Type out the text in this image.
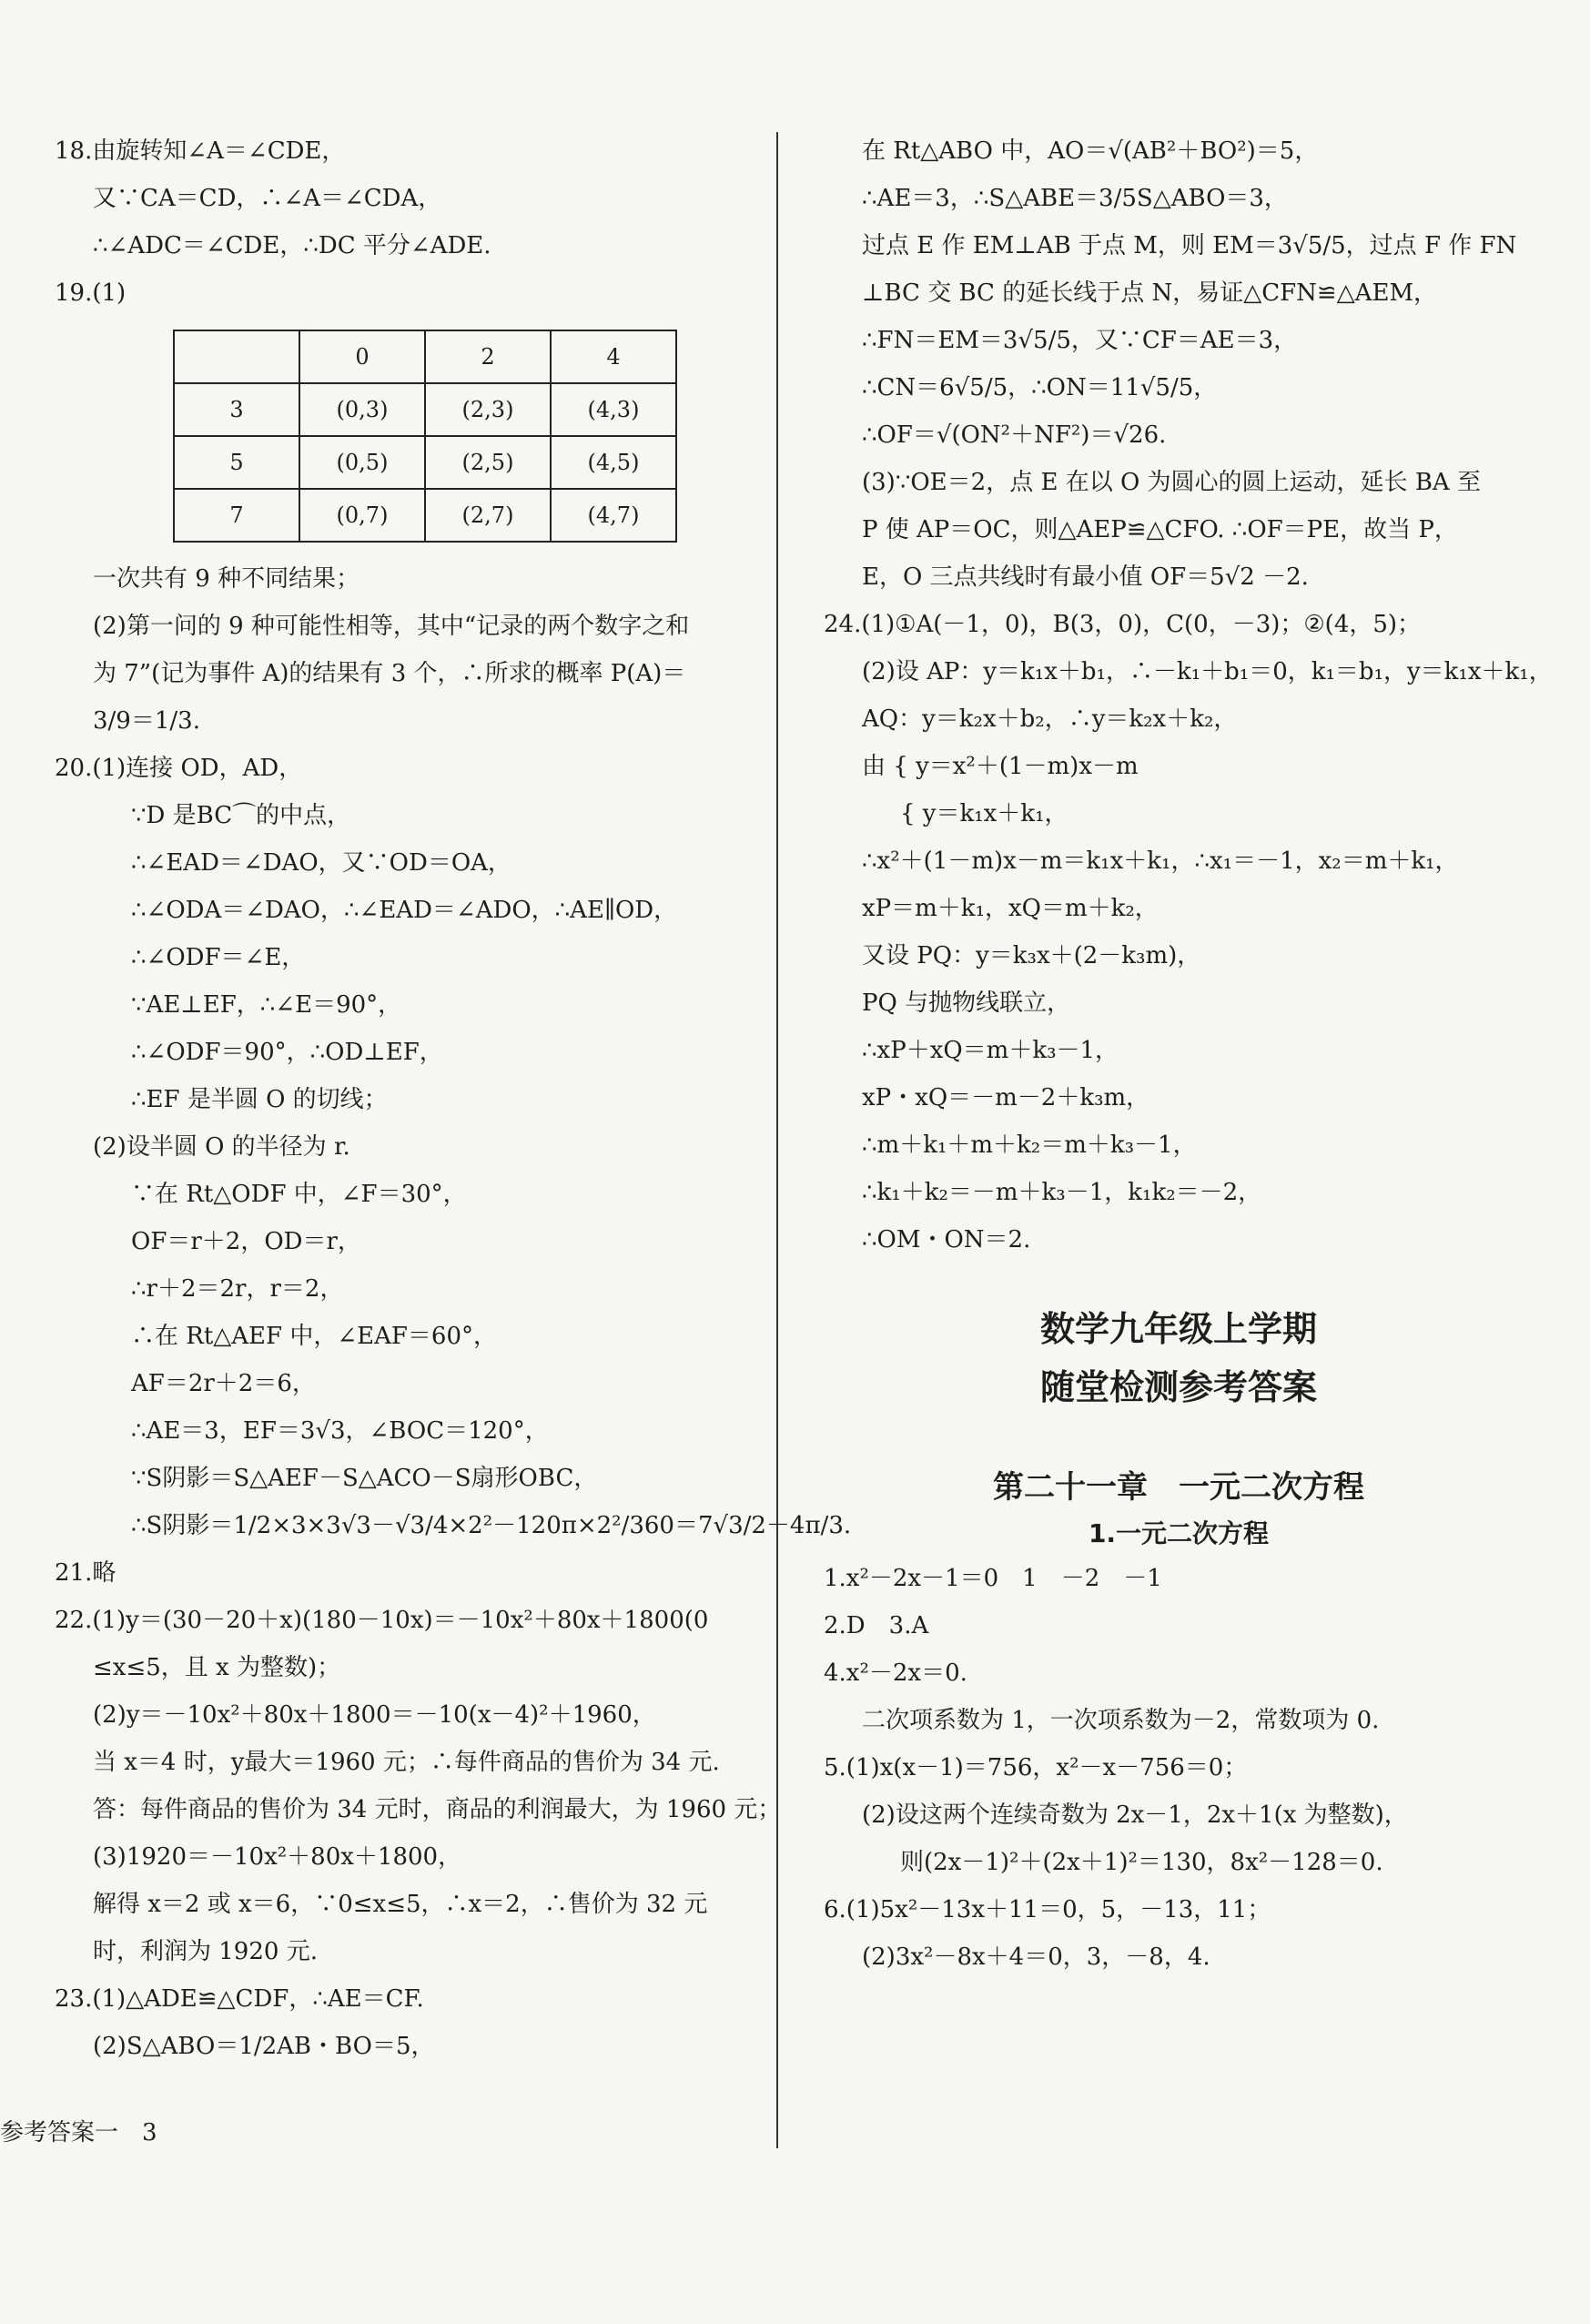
18.由旋转知∠A＝∠CDE，
又∵CA＝CD，∴∠A＝∠CDA，
∴∠ADC＝∠CDE，∴DC 平分∠ADE.
19.(1)
	0	2	4
3	(0,3)	(2,3)	(4,3)
5	(0,5)	(2,5)	(4,5)
7	(0,7)	(2,7)	(4,7)
一次共有 9 种不同结果；
(2)第一问的 9 种可能性相等，其中“记录的两个数字之和
为 7”(记为事件 A)的结果有 3 个，∴所求的概率 P(A)＝
3/9＝1/3.
20.(1)连接 OD，AD，
∵D 是BC⌒的中点，
∴∠EAD＝∠DAO，又∵OD＝OA，
∴∠ODA＝∠DAO，∴∠EAD＝∠ADO，∴AE∥OD，
∴∠ODF＝∠E，
∵AE⊥EF，∴∠E＝90°，
∴∠ODF＝90°，∴OD⊥EF，
∴EF 是半圆 O 的切线；
(2)设半圆 O 的半径为 r.
∵在 Rt△ODF 中，∠F＝30°，
OF＝r＋2，OD＝r，
∴r＋2＝2r，r＝2，
∴在 Rt△AEF 中，∠EAF＝60°，
AF＝2r＋2＝6，
∴AE＝3，EF＝3√3，∠BOC＝120°，
∵S阴影＝S△AEF－S△ACO－S扇形OBC，
∴S阴影＝1/2×3×3√3－√3/4×2²－120π×2²/360＝7√3/2－4π/3.
21.略
22.(1)y＝(30－20＋x)(180－10x)＝－10x²＋80x＋1800(0
≤x≤5，且 x 为整数)；
(2)y＝－10x²＋80x＋1800＝－10(x－4)²＋1960，
当 x＝4 时，y最大＝1960 元；∴每件商品的售价为 34 元.
答：每件商品的售价为 34 元时，商品的利润最大，为 1960 元；
(3)1920＝－10x²＋80x＋1800，
解得 x＝2 或 x＝6，∵0≤x≤5，∴x＝2，∴售价为 32 元
时，利润为 1920 元.
23.(1)△ADE≌△CDF，∴AE＝CF.
(2)S△ABO＝1/2AB・BO＝5，
在 Rt△ABO 中，AO＝√(AB²＋BO²)＝5，
∴AE＝3，∴S△ABE＝3/5S△ABO＝3，
过点 E 作 EM⊥AB 于点 M，则 EM＝3√5/5，过点 F 作 FN
⊥BC 交 BC 的延长线于点 N，易证△CFN≌△AEM，
∴FN＝EM＝3√5/5，又∵CF＝AE＝3，
∴CN＝6√5/5，∴ON＝11√5/5，
∴OF＝√(ON²＋NF²)＝√26.
(3)∵OE＝2，点 E 在以 O 为圆心的圆上运动，延长 BA 至
P 使 AP＝OC，则△AEP≌△CFO. ∴OF＝PE，故当 P，
E，O 三点共线时有最小值 OF＝5√2 －2.
24.(1)①A(－1，0)，B(3，0)，C(0，－3)；②(4，5)；
(2)设 AP：y＝k₁x＋b₁，∴－k₁＋b₁＝0，k₁＝b₁，y＝k₁x＋k₁，
AQ：y＝k₂x＋b₂，∴y＝k₂x＋k₂，
由 { y＝x²＋(1－m)x－m
{ y＝k₁x＋k₁，
∴x²＋(1－m)x－m＝k₁x＋k₁，∴x₁＝－1，x₂＝m＋k₁，
xP＝m＋k₁，xQ＝m＋k₂，
又设 PQ：y＝k₃x＋(2－k₃m)，
PQ 与抛物线联立，
∴xP＋xQ＝m＋k₃－1，
xP・xQ＝－m－2＋k₃m，
∴m＋k₁＋m＋k₂＝m＋k₃－1，
∴k₁＋k₂＝－m＋k₃－1，k₁k₂＝－2，
∴OM・ON＝2.
数学九年级上学期
随堂检测参考答案
第二十一章　一元二次方程
1.一元二次方程
1.x²－2x－1＝0　1　－2　－1
2.D　3.A
4.x²－2x＝0.
二次项系数为 1，一次项系数为－2，常数项为 0.
5.(1)x(x－1)＝756，x²－x－756＝0；
(2)设这两个连续奇数为 2x－1，2x＋1(x 为整数)，
则(2x－1)²＋(2x＋1)²＝130，8x²－128＝0.
6.(1)5x²－13x＋11＝0，5，－13，11；
(2)3x²－8x＋4＝0，3，－8，4.
参考答案一　3
